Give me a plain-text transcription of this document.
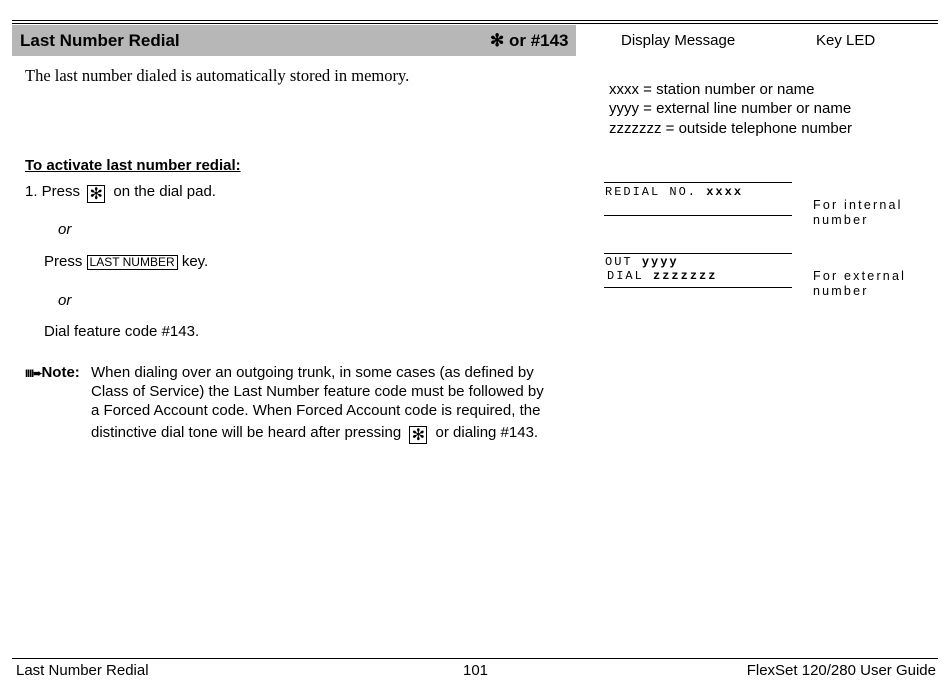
Last Number Redial	✻ or #143	Display Message	Key LED
The last number dialed is automatically stored in memory.
xxxx = station number or name
yyyy = external line number or name
zzzzzzz = outside telephone number
To activate last number redial:
1. Press ✻ on the dial pad.
or
Press LAST NUMBER key.
or
Dial feature code #143.
IIII➨Note: When dialing over an outgoing trunk, in some cases (as defined by
Class of Service) the Last Number feature code must be followed by
a Forced Account code. When Forced Account code is required, the
distinctive dial tone will be heard after pressing ✻ or dialing #143.
REDIAL NO. xxxx
OUT yyyy
DIAL zzzzzzz
For internal
number
For external
number
Last Number Redial	101	FlexSet 120/280 User Guide
